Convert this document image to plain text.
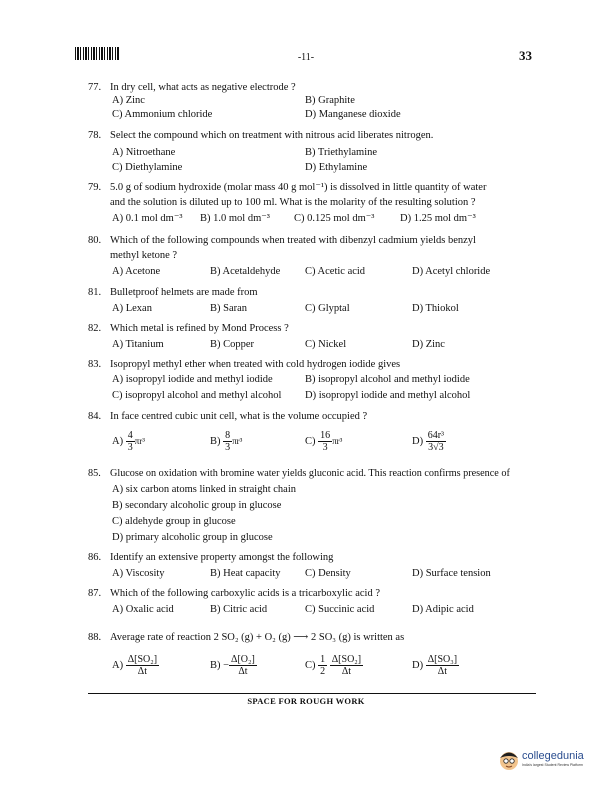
-11-	33
77. In dry cell, what acts as negative electrode ?
A) Zinc	B) Graphite
C) Ammonium chloride	D) Manganese dioxide
78. Select the compound which on treatment with nitrous acid liberates nitrogen.
A) Nitroethane	B) Triethylamine
C) Diethylamine	D) Ethylamine
79. 5.0 g of sodium hydroxide (molar mass 40 g mol⁻¹) is dissolved in little quantity of water
and the solution is diluted up to 100 ml. What is the molarity of the resulting solution ?
A) 0.1 mol dm⁻³ B) 1.0 mol dm⁻³ C) 0.125 mol dm⁻³ D) 1.25 mol dm⁻³
80. Which of the following compounds when treated with dibenzyl cadmium yields benzyl
methyl ketone ?
A) Acetone	B) Acetaldehyde C) Acetic acid	D) Acetyl chloride
81. Bulletproof helmets are made from
A) Lexan	B) Saran	C) Glyptal	D) Thiokol
82. Which metal is refined by Mond Process ?
A) Titanium	B) Copper	C) Nickel	D) Zinc
83. Isopropyl methyl ether when treated with cold hydrogen iodide gives
A) isopropyl iodide and methyl iodide	B) isopropyl alcohol and methyl iodide
C) isopropyl alcohol and methyl alcohol D) isopropyl iodide and methyl alcohol
84. In face centred cubic unit cell, what is the volume occupied ?
$A) \frac{4}{3} \pi r^3$	$B) \frac{8}{3} \pi r^3$	$C) \frac{16}{3} \pi r^3$	$D) \frac{\text{64r³}}{3√3}$
85. Glucose on oxidation with bromine water yields gluconic acid. This reaction confirms presence of
A) six carbon atoms linked in straight chain
B) secondary alcoholic group in glucose
C) aldehyde group in glucose
D) primary alcoholic group in glucose
86. Identify an extensive property amongst the following
A) Viscosity	B) Heat capacity C) Density	D) Surface tension
87. Which of the following carboxylic acids is a tricarboxylic acid ?
A) Oxalic acid	B) Citric acid	C) Succinic acid	D) Adipic acid
88. Average rate of reaction 2 SO₂ (g) + O₂ (g) ⟶ 2 SO₃ (g) is written as
$A) \frac{\text{Δ[SO₂]}}{\Delta t}$	$B) - \frac{\text{Δ[O₂]}}{\Delta t}$	$C) \frac{1}{2}$
$\frac{\text{Δ[SO₂]}}{\Delta t}$	$D) \frac{\text{Δ[SO₃]}}{\Delta t}$
SPACE FOR ROUGH WORK
collegedunia
India's largest Student Review Platform
